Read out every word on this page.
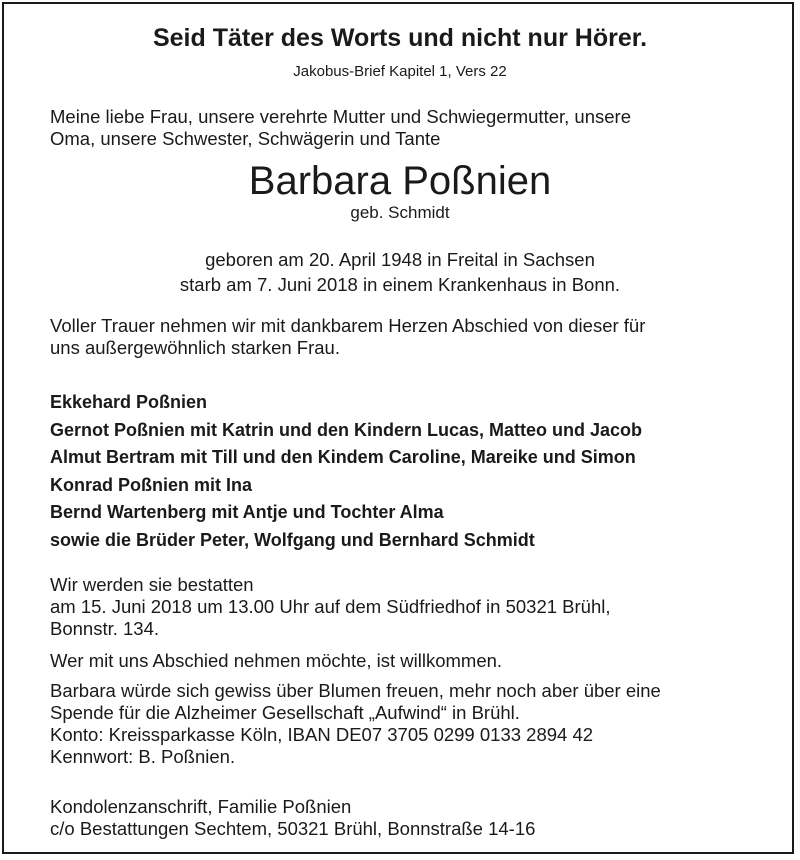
Seid Täter des Worts und nicht nur Hörer.
Jakobus-Brief Kapitel 1, Vers 22

Meine liebe Frau, unsere verehrte Mutter und Schwiegermutter, unsere
Oma, unsere Schwester, Schwägerin und Tante

Barbara Poßnien
geb. Schmidt

geboren am 20. April 1948 in Freital in Sachsen
starb am 7. Juni 2018 in einem Krankenhaus in Bonn.

Voller Trauer nehmen wir mit dankbarem Herzen Abschied von dieser für
uns außergewöhnlich starken Frau.

Ekkehard Poßnien
Gernot Poßnien mit Katrin und den Kindern Lucas, Matteo und Jacob
Almut Bertram mit Till und den Kindem Caroline, Mareike und Simon
Konrad Poßnien mit Ina
Bernd Wartenberg mit Antje und Tochter Alma
sowie die Brüder Peter, Wolfgang und Bernhard Schmidt

Wir werden sie bestatten
am 15. Juni 2018 um 13.00 Uhr auf dem Südfriedhof in 50321 Brühl,
Bonnstr. 134.

Wer mit uns Abschied nehmen möchte, ist willkommen.

Barbara würde sich gewiss über Blumen freuen, mehr noch aber über eine
Spende für die Alzheimer Gesellschaft „Aufwind“ in Brühl.
Konto: Kreissparkasse Köln, IBAN DE07 3705 0299 0133 2894 42
Kennwort: B. Poßnien.

Kondolenzanschrift, Familie Poßnien
c/o Bestattungen Sechtem, 50321 Brühl, Bonnstraße 14-16
